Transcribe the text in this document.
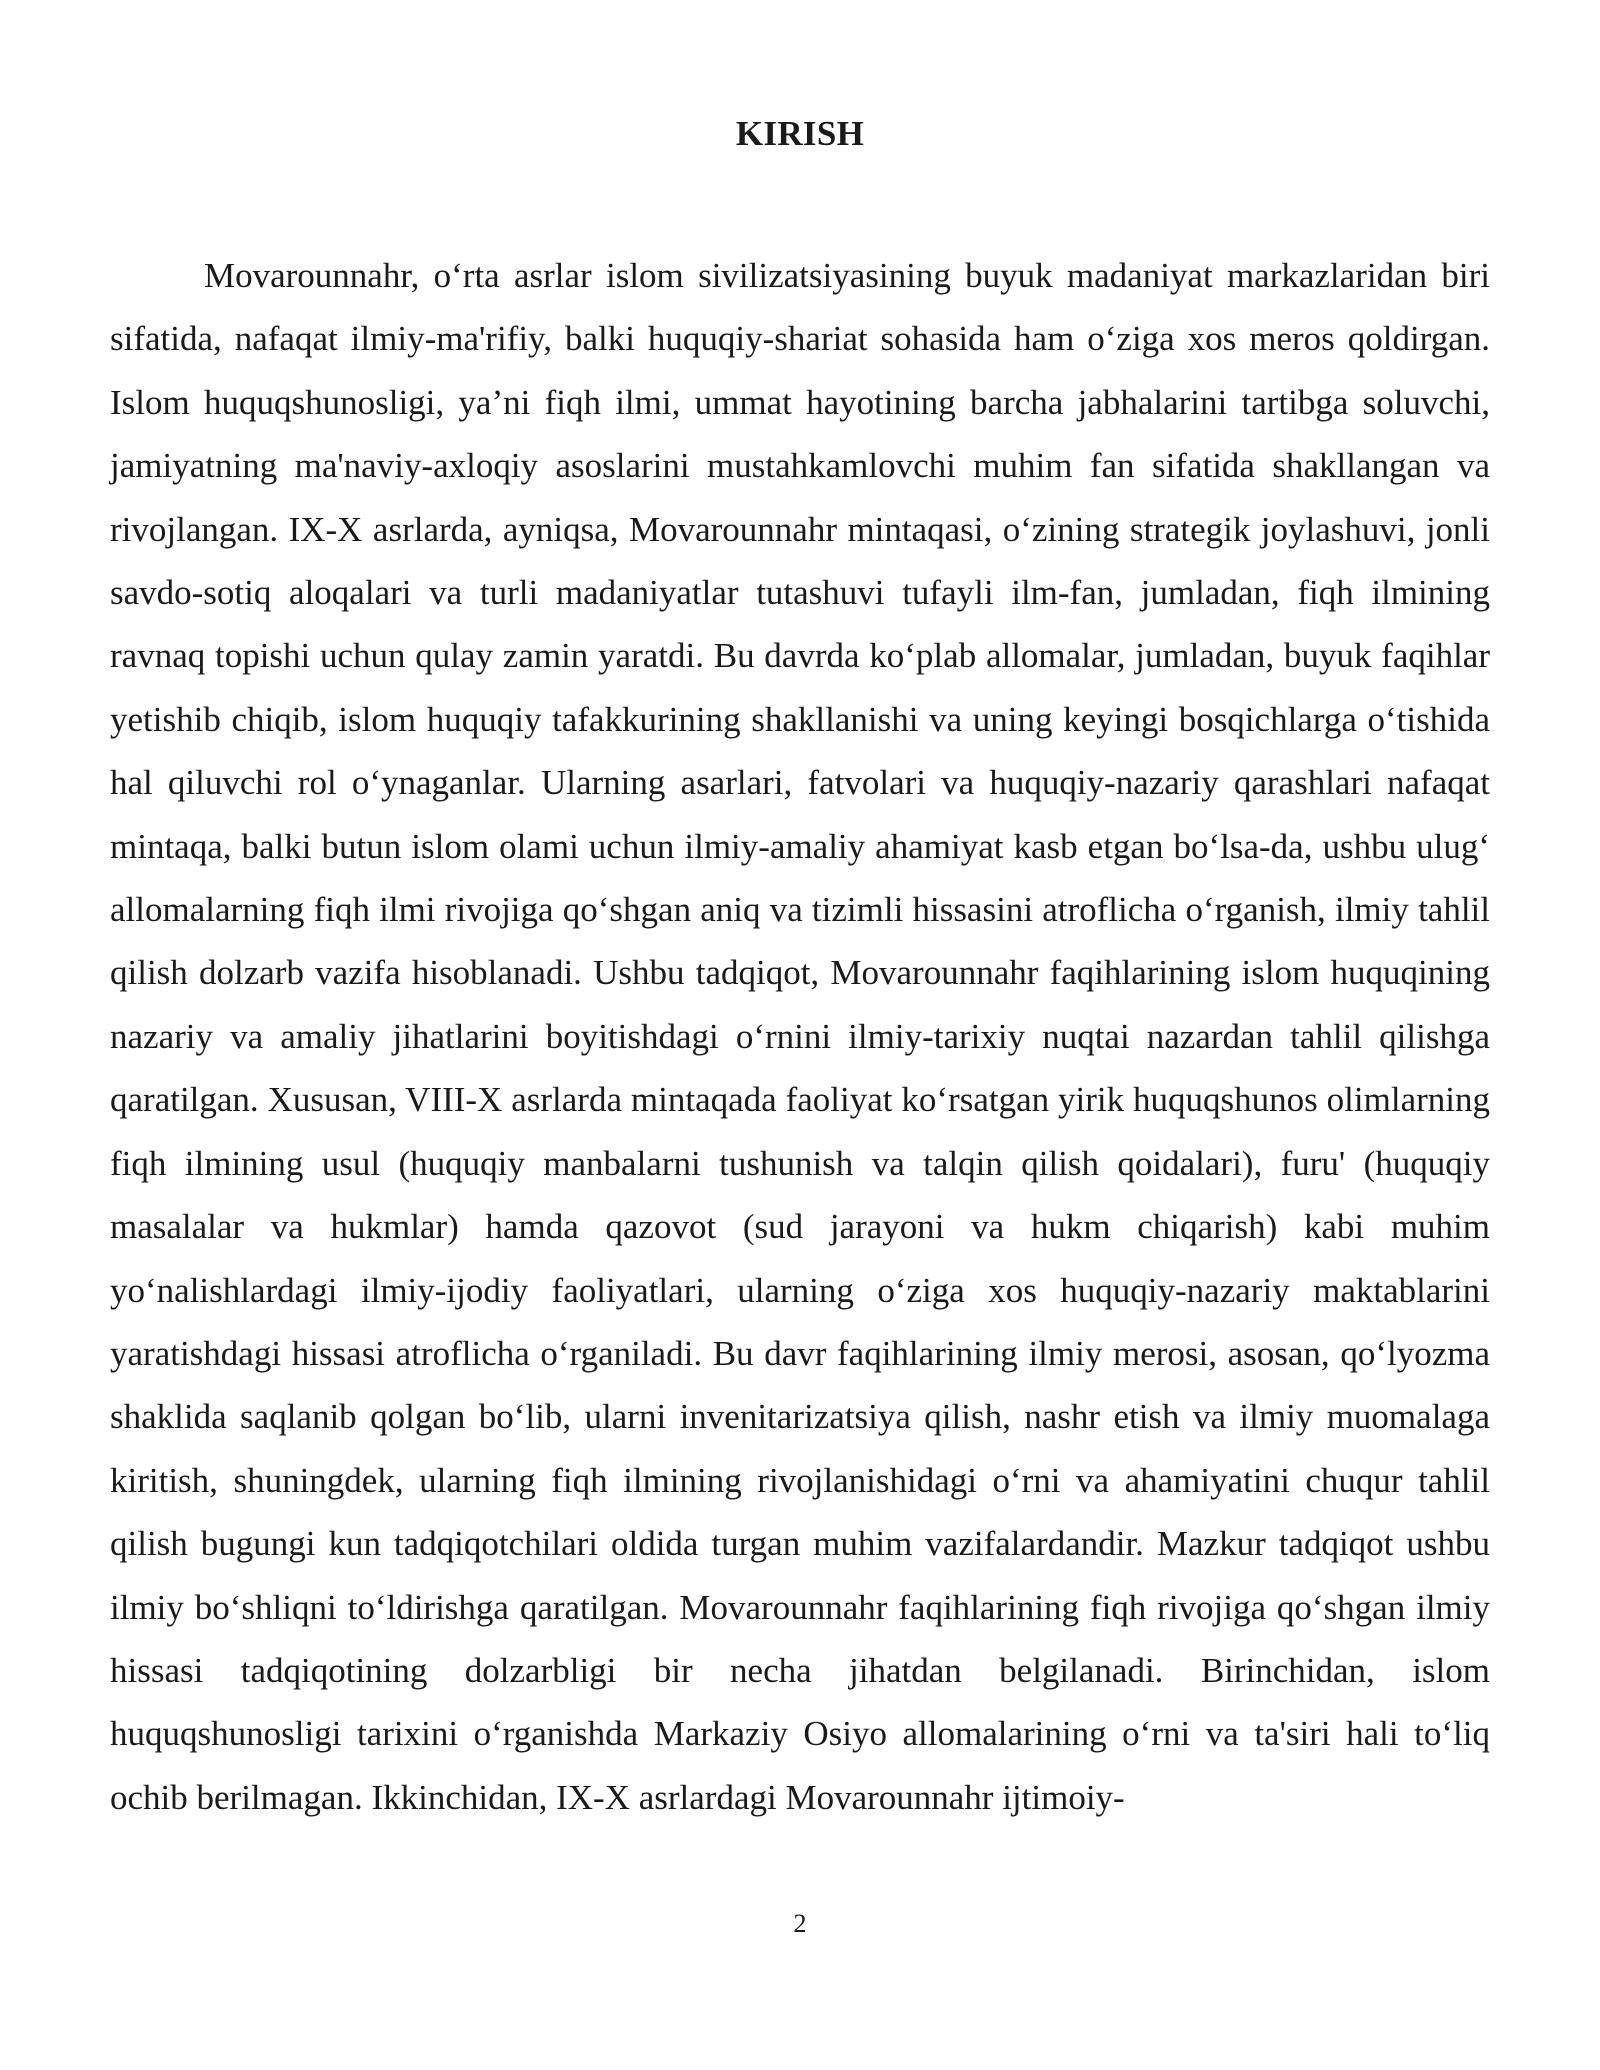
KIRISH

Movarounnahr, oʻrta asrlar islom sivilizatsiyasining buyuk madaniyat markazlaridan biri sifatida, nafaqat ilmiy-ma'rifiy, balki huquqiy-shariat sohasida ham oʻziga xos meros qoldirgan. Islom huquqshunosligi, yaʼni fiqh ilmi, ummat hayotining barcha jabhalarini tartibga soluvchi, jamiyatning ma'naviy-axloqiy asoslarini mustahkamlovchi muhim fan sifatida shakllangan va rivojlangan. IX-X asrlarda, ayniqsa, Movarounnahr mintaqasi, oʻzining strategik joylashuvi, jonli savdo-sotiq aloqalari va turli madaniyatlar tutashuvi tufayli ilm-fan, jumladan, fiqh ilmining ravnaq topishi uchun qulay zamin yaratdi. Bu davrda koʻplab allomalar, jumladan, buyuk faqihlar yetishib chiqib, islom huquqiy tafakkurining shakllanishi va uning keyingi bosqichlarga oʻtishida hal qiluvchi rol oʻynaganlar. Ularning asarlari, fatvolari va huquqiy-nazariy qarashlari nafaqat mintaqa, balki butun islom olami uchun ilmiy-amaliy ahamiyat kasb etgan boʻlsa-da, ushbu ulugʻ allomalarning fiqh ilmi rivojiga qoʻshgan aniq va tizimli hissasini atroflicha oʻrganish, ilmiy tahlil qilish dolzarb vazifa hisoblanadi. Ushbu tadqiqot, Movarounnahr faqihlarining islom huquqining nazariy va amaliy jihatlarini boyitishdagi oʻrnini ilmiy-tarixiy nuqtai nazardan tahlil qilishga qaratilgan. Xususan, VIII-X asrlarda mintaqada faoliyat koʻrsatgan yirik huquqshunos olimlarning fiqh ilmining usul (huquqiy manbalarni tushunish va talqin qilish qoidalari), furu' (huquqiy masalalar va hukmlar) hamda qazovot (sud jarayoni va hukm chiqarish) kabi muhim yoʻnalishlardagi ilmiy-ijodiy faoliyatlari, ularning oʻziga xos huquqiy-nazariy maktablarini yaratishdagi hissasi atroflicha oʻrganiladi. Bu davr faqihlarining ilmiy merosi, asosan, qoʻlyozma shaklida saqlanib qolgan boʻlib, ularni invenitarizatsiya qilish, nashr etish va ilmiy muomalaga kiritish, shuningdek, ularning fiqh ilmining rivojlanishidagi oʻrni va ahamiyatini chuqur tahlil qilish bugungi kun tadqiqotchilari oldida turgan muhim vazifalardandir. Mazkur tadqiqot ushbu ilmiy boʻshliqni toʻldirishga qaratilgan. Movarounnahr faqihlarining fiqh rivojiga qoʻshgan ilmiy hissasi tadqiqotining dolzarbligi bir necha jihatdan belgilanadi. Birinchidan, islom huquqshunosligi tarixini oʻrganishda Markaziy Osiyo allomalarining oʻrni va ta'siri hali toʻliq ochib berilmagan. Ikkinchidan, IX-X asrlardagi Movarounnahr ijtimoiy-

2
